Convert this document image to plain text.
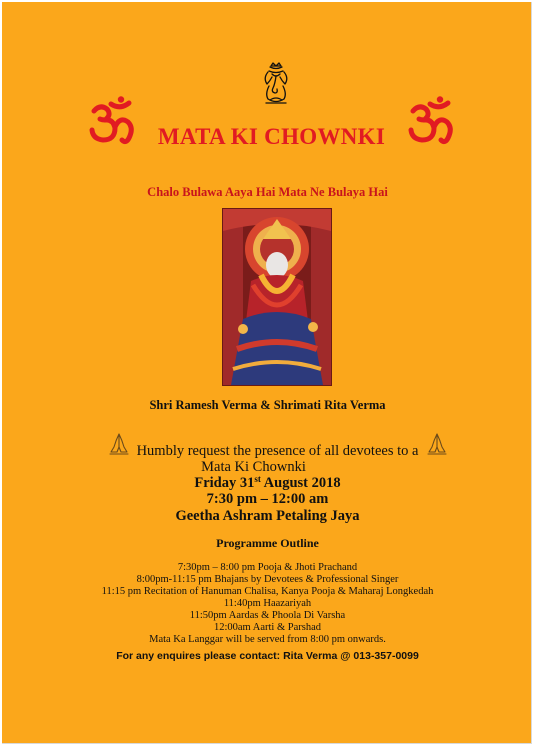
MATA KI CHOWNKI
Chalo Bulawa Aaya Hai Mata Ne Bulaya Hai
Shri Ramesh Verma & Shrimati Rita Verma
Humbly request the presence of all devotees to a
Mata Ki Chownki
Friday 31st August 2018
7:30 pm – 12:00 am
Geetha Ashram Petaling Jaya
Programme Outline
7:30pm – 8:00 pm Pooja & Jhoti Prachand
8:00pm-11:15 pm Bhajans by Devotees & Professional Singer
11:15 pm Recitation of Hanuman Chalisa, Kanya Pooja & Maharaj Longkedah
11:40pm Haazariyah
11:50pm Aardas & Phoola Di Varsha
12:00am Aarti & Parshad
Mata Ka Langgar will be served from 8:00 pm onwards.
For any enquires please contact: Rita Verma @ 013-357-0099
